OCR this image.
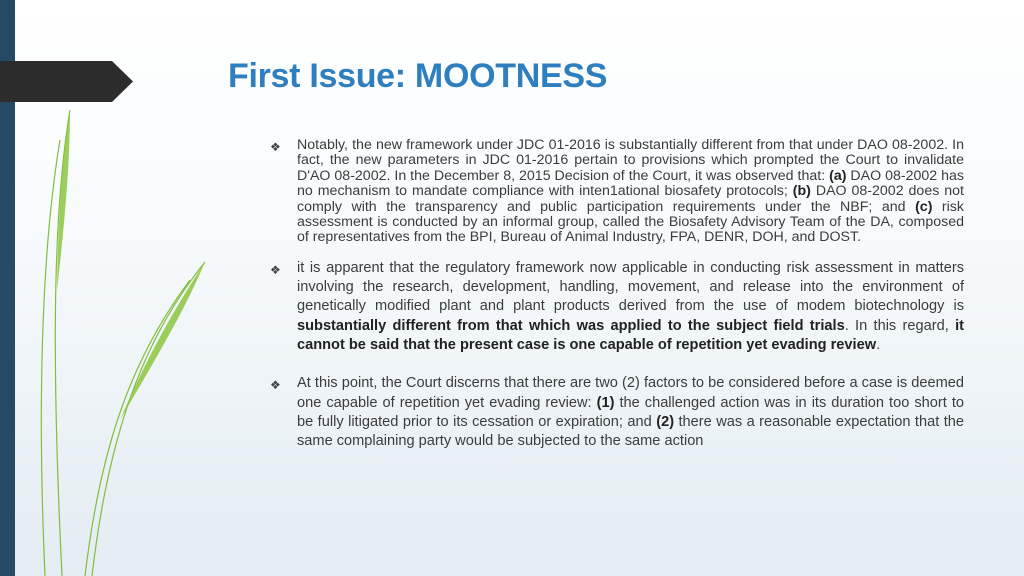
First Issue: MOOTNESS
❖ Notably, the new framework under JDC 01-2016 is substantially different from that under DAO 08-2002. In fact, the new parameters in JDC 01-2016 pertain to provisions which prompted the Court to invalidate D'AO 08-2002. In the December 8, 2015 Decision of the Court, it was observed that: (a) DAO 08-2002 has no mechanism to mandate compliance with inten1ational biosafety protocols; (b) DAO 08-2002 does not comply with the transparency and public participation requirements under the NBF; and (c) risk assessment is conducted by an informal group, called the Biosafety Advisory Team of the DA, composed of representatives from the BPI, Bureau of Animal Industry, FPA, DENR, DOH, and DOST.
❖ it is apparent that the regulatory framework now applicable in conducting risk assessment in matters involving the research, development, handling, movement, and release into the environment of genetically modified plant and plant products derived from the use of modem biotechnology is substantially different from that which was applied to the subject field trials. In this regard, it cannot be said that the present case is one capable of repetition yet evading review.
❖ At this point, the Court discerns that there are two (2) factors to be considered before a case is deemed one capable of repetition yet evading review: (1) the challenged action was in its duration too short to be fully litigated prior to its cessation or expiration; and (2) there was a reasonable expectation that the same complaining party would be subjected to the same action
